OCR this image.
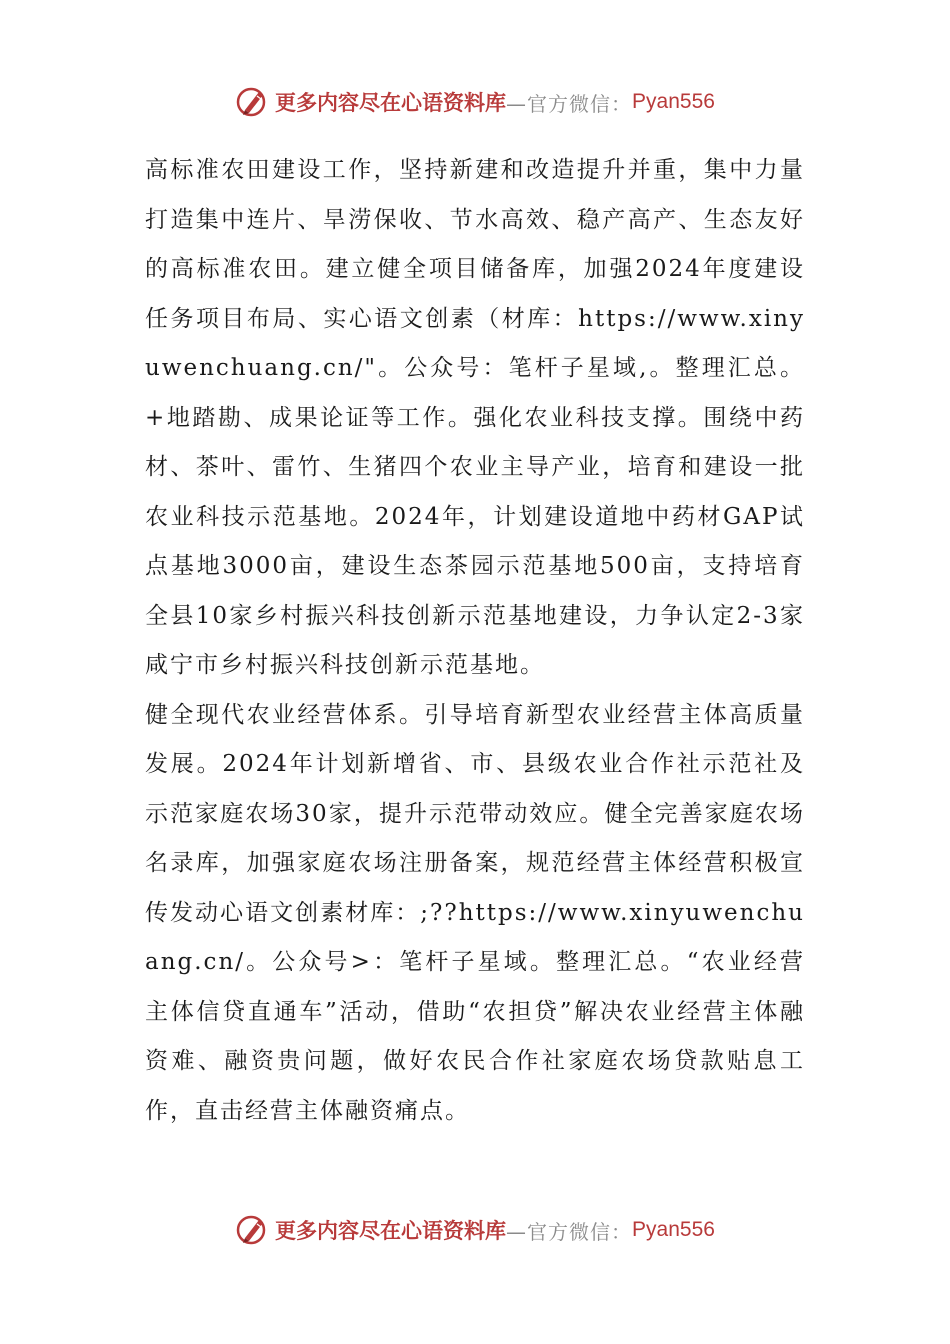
更多内容尽在心语资料库 —官方微信： Pyan556

高标准农田建设工作，坚持新建和改造提升并重，集中力量打造集中连片、旱涝保收、节水高效、稳产高产、生态友好的高标准农田。建立健全项目储备库，加强2024年度建设任务项目布局、实心语文创素（材库：https://www.xinyuwenchuang.cn/"。公众号：笔杆子星域,。整理汇总。+地踏勘、成果论证等工作。强化农业科技支撑。围绕中药材、茶叶、雷竹、生猪四个农业主导产业，培育和建设一批农业科技示范基地。2024年，计划建设道地中药材GAP试点基地3000亩，建设生态茶园示范基地500亩，支持培育全县10家乡村振兴科技创新示范基地建设，力争认定2-3家咸宁市乡村振兴科技创新示范基地。

健全现代农业经营体系。引导培育新型农业经营主体高质量发展。2024年计划新增省、市、县级农业合作社示范社及示范家庭农场30家，提升示范带动效应。健全完善家庭农场名录库，加强家庭农场注册备案，规范经营主体经营积极宣传发动心语文创素材库：;??https://www.xinyuwenchuang.cn/。公众号>：笔杆子星域。整理汇总。“农业经营主体信贷直通车”活动，借助“农担贷”解决农业经营主体融资难、融资贵问题，做好农民合作社家庭农场贷款贴息工作，直击经营主体融资痛点。

更多内容尽在心语资料库 —官方微信： Pyan556
